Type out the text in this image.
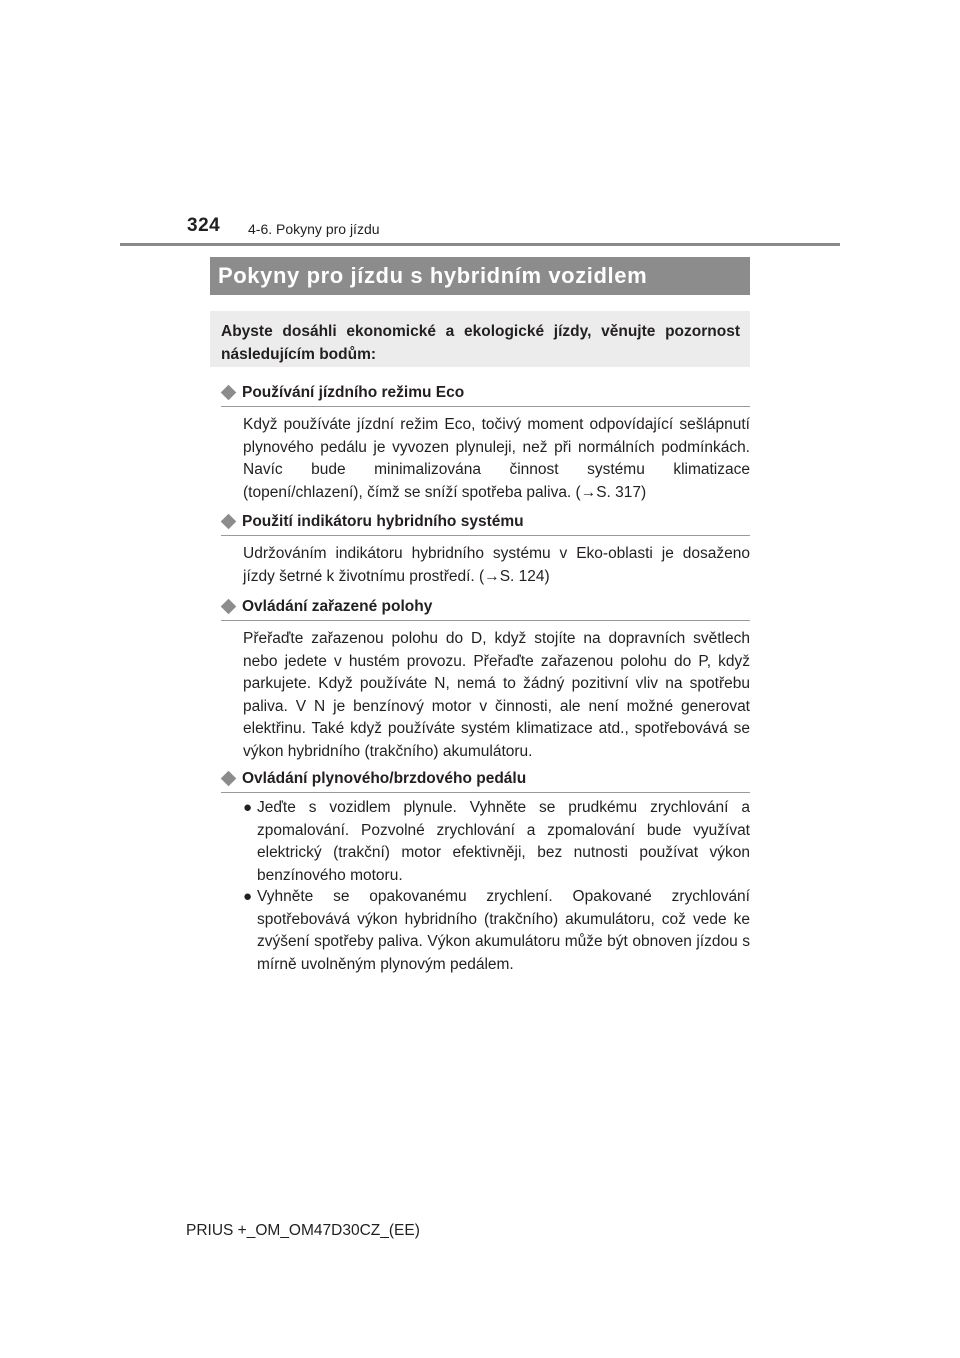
324 4-6. Pokyny pro jízdu
Pokyny pro jízdu s hybridním vozidlem
Abyste dosáhli ekonomické a ekologické jízdy, věnujte pozornost následujícím bodům:
Používání jízdního režimu Eco
Když používáte jízdní režim Eco, točivý moment odpovídající sešlápnutí plynového pedálu je vyvozen plynuleji, než při normálních podmínkách. Navíc bude minimalizována činnost systému klimatizace (topení/chlazení), čímž se sníží spotřeba paliva. (→S. 317)
Použití indikátoru hybridního systému
Udržováním indikátoru hybridního systému v Eko-oblasti je dosaženo jízdy šetrné k životnímu prostředí. (→S. 124)
Ovládání zařazené polohy
Přeřaďte zařazenou polohu do D, když stojíte na dopravních světlech nebo jedete v hustém provozu. Přeřaďte zařazenou polohu do P, když parkujete. Když používáte N, nemá to žádný pozitivní vliv na spotřebu paliva. V N je benzínový motor v činnosti, ale není možné generovat elektřinu. Také když používáte systém klimatizace atd., spotřebovává se výkon hybridního (trakčního) akumulátoru.
Ovládání plynového/brzdového pedálu
● Jeďte s vozidlem plynule. Vyhněte se prudkému zrychlování a zpomalování. Pozvolné zrychlování a zpomalování bude využívat elektrický (trakční) motor efektivněji, bez nutnosti používat výkon benzínového motoru.
● Vyhněte se opakovanému zrychlení. Opakované zrychlování spotřebovává výkon hybridního (trakčního) akumulátoru, což vede ke zvýšení spotřeby paliva. Výkon akumulátoru může být obnoven jízdou s mírně uvolněným plynovým pedálem.
PRIUS +_OM_OM47D30CZ_(EE)
